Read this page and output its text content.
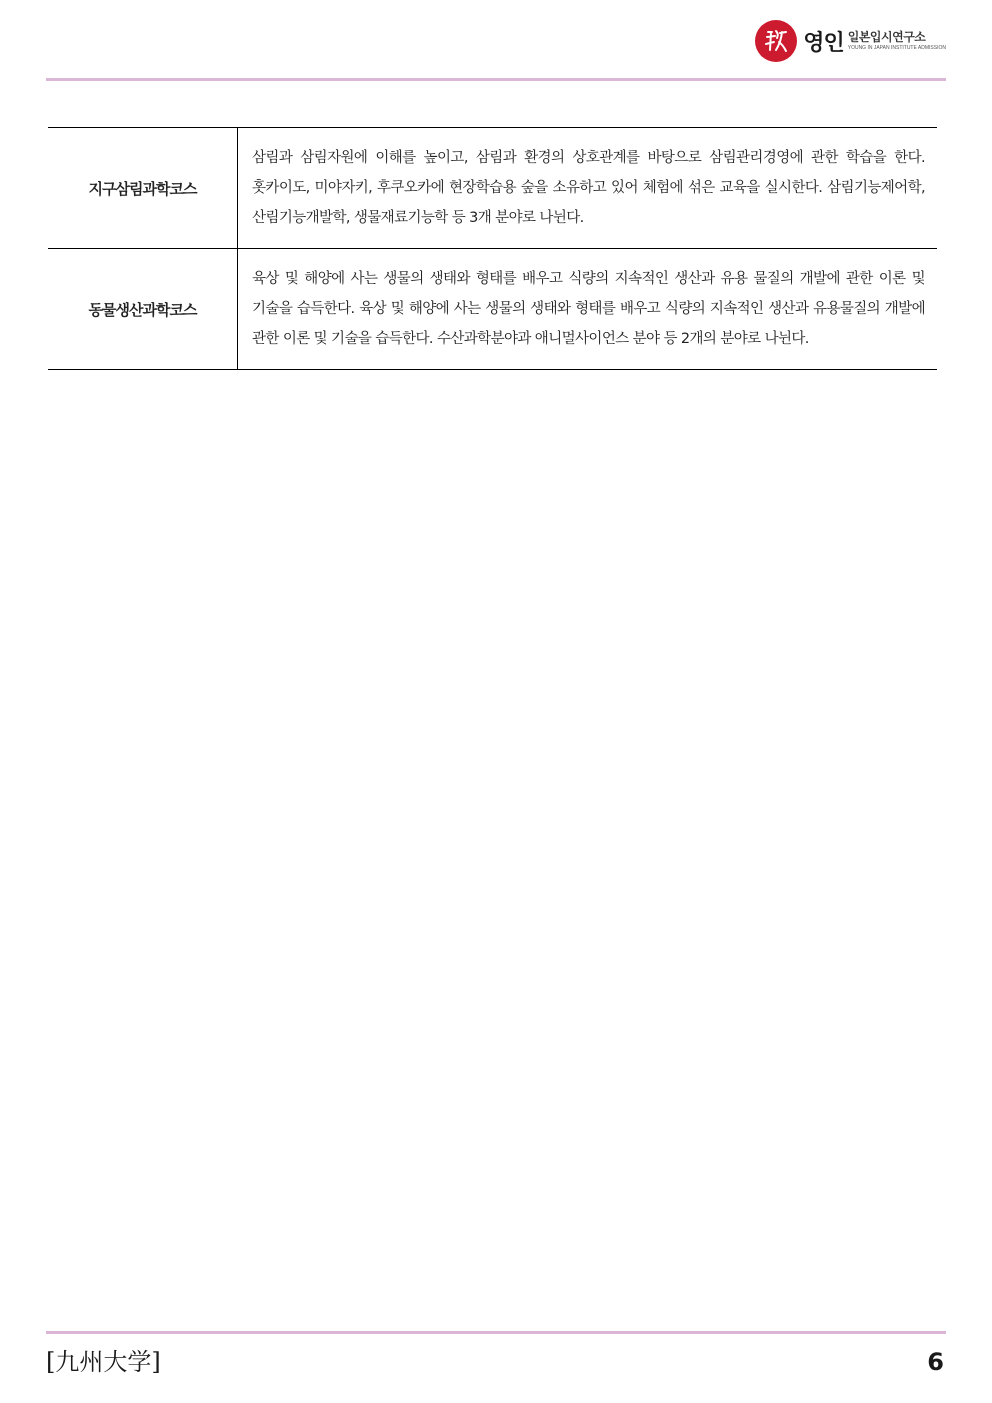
영인 일본입시연구소
YOUNG IN JAPAN INSTITUTE ADMISSION
지구삼림과학코스	삼림과 삼림자원에 이해를 높이고, 삼림과 환경의 상호관계를 바탕으로 삼림관리경영에 관한 학습을 한다. 홋카이도, 미야자키, 후쿠오카에 현장학습용 숲을 소유하고 있어 체험에 섞은 교육을 실시한다. 삼림기능제어학, 산림기능개발학, 생물재료기능학 등 3개 분야로 나뉜다.
동물생산과학코스	육상 및 해양에 사는 생물의 생태와 형태를 배우고 식량의 지속적인 생산과 유용 물질의 개발에 관한 이론 및 기술을 습득한다. 육상 및 해양에 사는 생물의 생태와 형태를 배우고 식량의 지속적인 생산과 유용물질의 개발에 관한 이론 및 기술을 습득한다. 수산과학분야과 애니멀사이언스 분야 등 2개의 분야로 나뉜다.
[九州大学]	6
